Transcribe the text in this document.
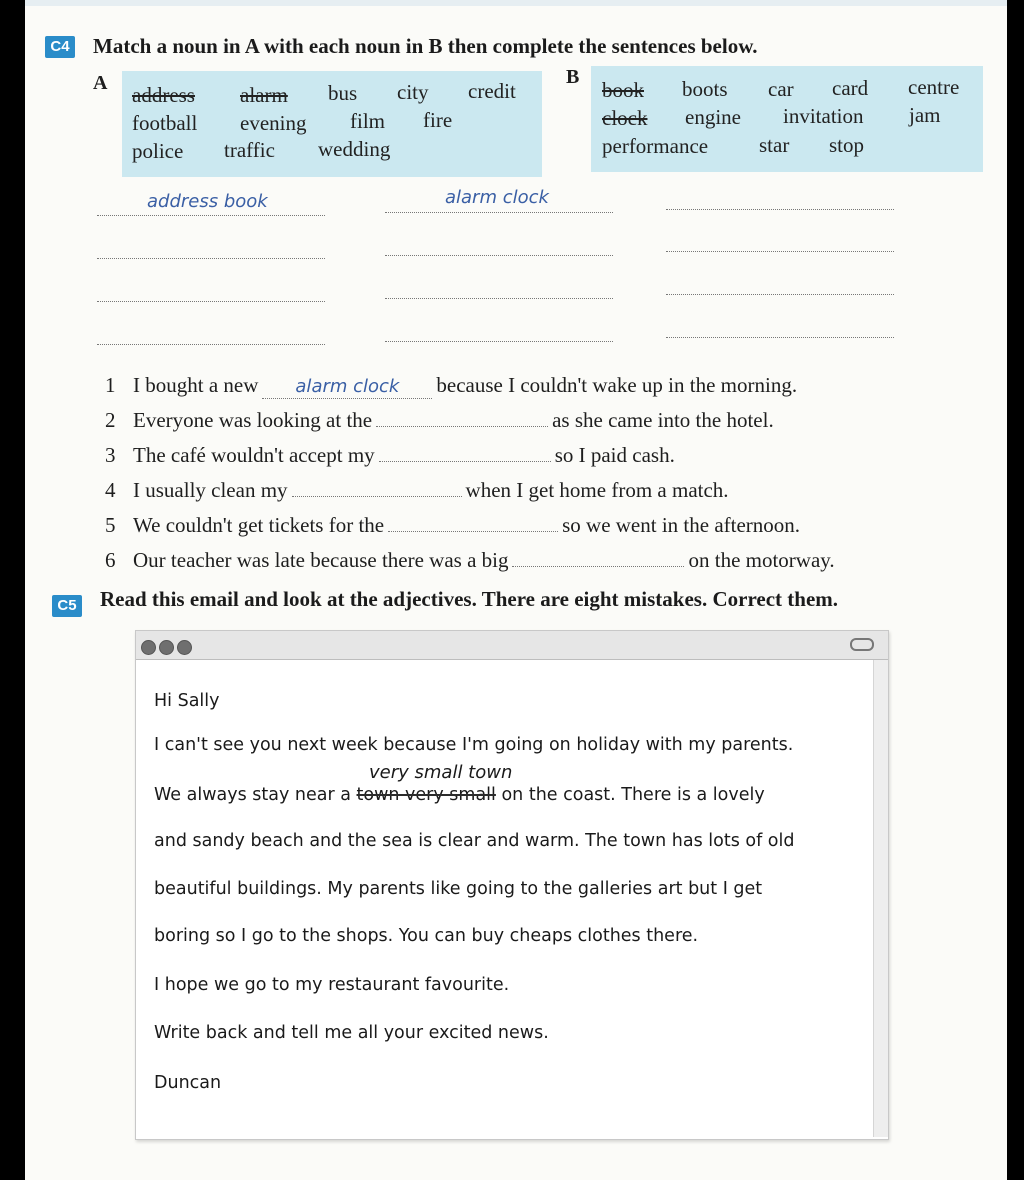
C4 Match a noun in A with each noun in B then complete the sentences below.
A address alarm bus city credit
football evening film fire
police traffic wedding
B
book boots car card centre
clock engine invitation jam
performance star stop
address book	alarm clock
1 I bought a new alarm clock because I couldn't wake up in the morning.
2 Everyone was looking at the	as she came into the hotel.
3 The café wouldn't accept my	so I paid cash.
4 I usually clean my	when I get home from a match.
5 We couldn't get tickets for the	so we went in the afternoon.
6 Our teacher was late because there was a big	on the motorway.
C5 Read this email and look at the adjectives. There are eight mistakes. Correct them.
Hi Sally
I can't see you next week because I'm going on holiday with my parents.
very small town
We always stay near a town very small on the coast. There is a lovely
and sandy beach and the sea is clear and warm. The town has lots of old
beautiful buildings. My parents like going to the galleries art but I get
boring so I go to the shops. You can buy cheaps clothes there.
I hope we go to my restaurant favourite.
Write back and tell me all your excited news.
Duncan
